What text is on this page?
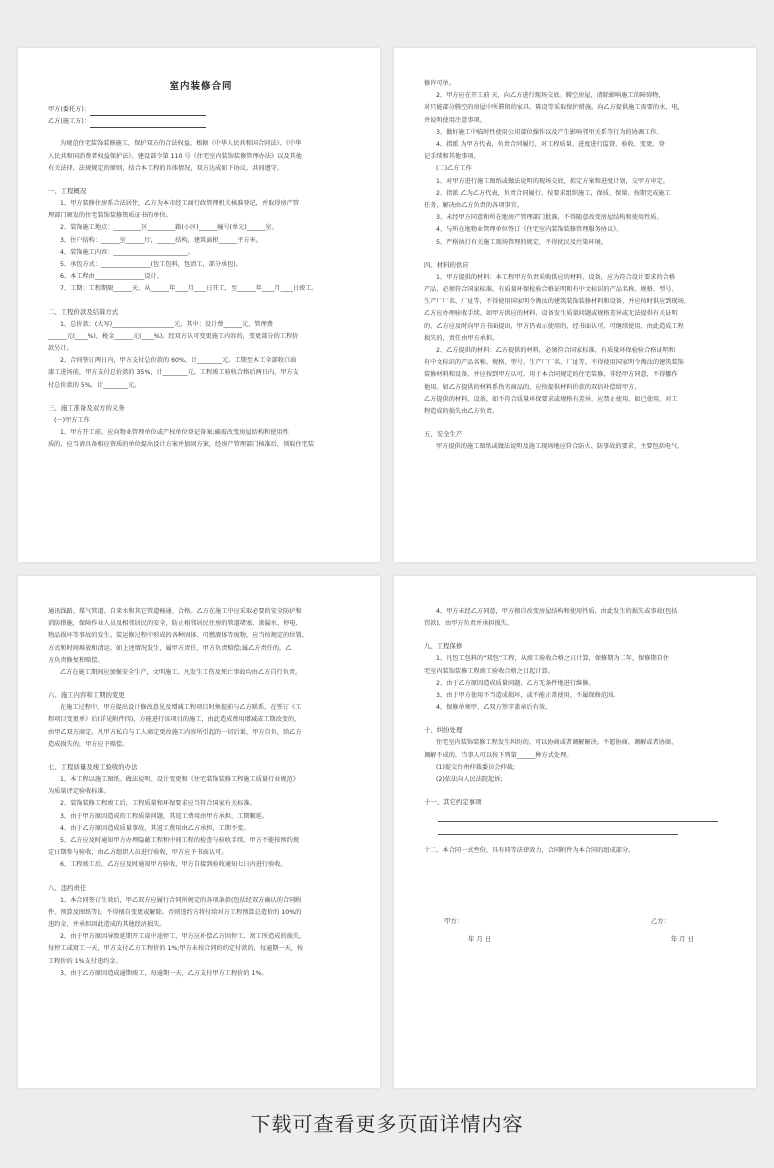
室内装修合同
甲方(委托方)：
乙方(施工方)：
为规范住宅装饰装修施工，保护双方的合法权益，根据《中华人民共和国合同法》、《中华
人民共和国消费者权益保护法》、建设部令第 110 号《住宅室内装饰装修管理办法》以及其他
有关法律、法规规定的原则，结合本工程的具体情况，双方达成如下协议，共同遵守。
一、工程概况
1、甲方装修住房系合法居住，乙方为本市经工商行政管理机关核准登记，并取得房产管
理部门颁发的住宅装饰装修资质证书的单位。
2、装饰施工地点：_________区_________路(小区)______幢号(单元)______室。
3、住户结构：______室______厅，______结构，建筑面积______平方米。
4、装饰施工内容：________________________。
5、承包方式：________________(包工包料，包清工，部分承包)。
6、本工程由________________设计。
7、工期：工程期限______天，从______年____月____日开工，至______年____月____日竣工。
二、工程价款及结算方式
1、总价款：(大写)____________________元，其中：设计费______元，管理费
______元(____%)，税金______元(____%)。经双方认可变更施工内容的，变更部分的工程价
款另计。
2、合同签订两日内，甲方支付总价款的 60%，计________元。工期至木工全部收口油
漆工进场前，甲方支付总价款的 35%，计________元。工程竣工验收合格后两日内，甲方支
付总价款的 5%，计________元。
三、施工准备及双方的义务
(一)甲方工作
1、甲方开工前，应向物业管理单位或产权单位登记备案;确需改变房屋结构和使用性
质的，应当请具备相应资质的单位提出设计方案并加固方案，经房产管理部门核准后，领取住宅装
修许可单。
2、甲方应在开工前 天，向乙方进行现场交底。腾空房屋，清除影响施工的障碍物，
对只能部分腾空的房屋中所滞留的家具、陈设等采取保护措施。向乙方提供施工需要的水、电，
并说明使用注意事项。
3、做好施工中临时性使用公用部位操作以及产生影响邻里关系等行为的协调工作。
4、指派 为甲方代表，负责合同履行，对工程质量、进度进行监督、验收、变更、登
记手续和其他事项。
(二)乙方工作
1、对甲方进行施工图纸或做法说明的现场交底，拟定方案和进度计划，交甲方审定。
2、指派 乙为乙方代表，负责合同履行。按要求组织施工，保质、保量、按期完成施工
任务，解决由乙方负责的各项事宜。
3、未经甲方同意和所在地房产管理部门批准，不得随意改变房屋结构和使用性质。
4、与所在地物业管理单位签订《住宅室内装饰装修管理服务协议》。
5、严格执行有关施工现场管理的规定，不得扰民及污染环境。
四、材料的供应
1、甲方提供的材料：本工程甲方负责采购供应的材料、设备，应为符合设计要求的合格
产品，必须符合国家标准，有质量环保检验合格证明和有中文标识的产品名称、规格、型号、
生产厂厂名、厂址等，不得使用国家明令淘汰的建筑装饰装修材料和设备，并应按时供应到现场，
乙方应办理验收手续。如甲方供应的材料、设备发生质量问题或规格差异或无法提供有关证明
的，乙方应及时向甲方书面提出，甲方仍表示使用的，经书面认可，可继续使用，由此造成工程
损失的，责任由甲方承担。
2、乙方提供的材料：乙方提供的材料，必须符合国家标准，有质量环保检验合格证明和
有中文标识的产品名称、规格、型号、生产厂厂名、厂址等，不得使用国家明令淘汰的建筑装饰
装修材料和设备，并应按到甲方认可，用于本合同规定的住宅装修，非经甲方同意，不得挪作
他用。如乙方提供的材料系伪劣商品的，应按提供材料价款的双倍补偿给甲方。
乙方提供的材料、设备，如不符合质量环保要求或规格有差异，应禁止使用，如已使用，对工
程造成的损失由乙方负责。
五、安全生产
甲方提供的施工图纸或做法说明及施工现场地应符合防火、防事故的要求，主要包括电气、
通讯线路、煤气管道、自来水和其它管道畅通、合格。乙方在施工中应采取必要的安全防护和
消防措施，保障作业人员及相邻居民的安全，防止相邻居民住房的管道堵塞、渗漏水、停电、
物品损坏等事故的发生。装运修过程中形成的各种固体、可燃液体等废物，应当按规定的位置、
方式和时间堆放和清运。如上述情况发生，属甲方责任，甲方负责赔偿;属乙方责任的，乙
方负责修复和赔偿。
乙方在施工期间应加强安全生产，文明施工。凡发生工伤及死亡事故均由乙方自行负责。
六、施工内容和工期的变更
在施工过程中，甲方提出设计修改意见及增减工程项目时须提前与乙方联系，在签订《工
程项目变更单》后(详见附件四)，方能进行该项目的施工，由此造成费用增减或工期改变的，
由甲乙双方商定。凡甲方私自与工人商定更改施工内容所引起的一切后果，甲方自负，给乙方
造成损失的，甲方应予赔偿。
七、工程质量及竣工验收的办法
1、本工程以施工图纸、做法说明、设计变更和《住宅装饰装修工程施工质量行业规范》
为质量评定验收标准。
2、装饰装修工程竣工后，工程质量和环保要求应当符合国家有关标准。
3、由于甲方原因造成的工程质量问题，其返工费用由甲方承担，工期顺延。
4、由于乙方原因造成质量事故，其返工费用由乙方承担，工期不变。
5、乙方应及时通知甲方办理隐蔽工程和中间工程的检查与验收手续。甲方不能按预约规
定日期参与验收，由乙方组织人员进行验收，甲方应予书面认可。
6、工程竣工后，乙方应及时通知甲方验收，甲方自接到验收通知七日内进行验收。
八、违约责任
1、本合同签订生效后，甲乙双方应履行合同所规定的各项条款(包括经双方确认的合同附
件、预算及图纸等)，不得擅自变更或解除。否则违约方将付给对方工程预算总造价的 10%的
违约金，并承担因此造成的其他经济损失。
2、由于甲方原因导致延期开工或中途停工，甲方应补偿乙方因停工、窝工所造成的损失，
每停工或窝工一天，甲方支付乙方工程价的 1%;甲方未按合同的约定付款的，每逾期一天，按
工程价的 1%支付违约金。
3、由于乙方原因造成逾期竣工，每逾期一天，乙方支付甲方工程价的 1%。
4、甲方未经乙方同意，甲方擅自改变房屋结构和使用性质，由此发生的损失或事故(包括
罚款)，由甲方负责并承担损失。
九、工程保修
1、凡包工包料的“双包”工程，从竣工验收合格之日计算，保修期为二年，保修期自住
宅室内装饰装修工程竣工验收合格之日起计算。
2、由于乙方原因造成质量问题，乙方无条件地进行维修。
3、由于甲方使用不当造成损坏，或不能正常使用，不属保修范围。
4、保修单须甲、乙双方签字盖章后有效。
十、纠纷处理
住宅室内装饰装修工程发生纠纷的，可以协商或者调解解决。不愿协商、调解或者协商、
调解不成的，当事人可以按下列第______种方式处理。
(1)提交台州仲裁委员会仲裁;
(2)依法向人民法院起诉;
十一、其它约定事项
十二、本合同一式叁份，具有同等法律效力，合同附件为本合同的组成部分。
甲方：	乙方：
年 月 日	年 月 日
下载可查看更多页面详情内容
